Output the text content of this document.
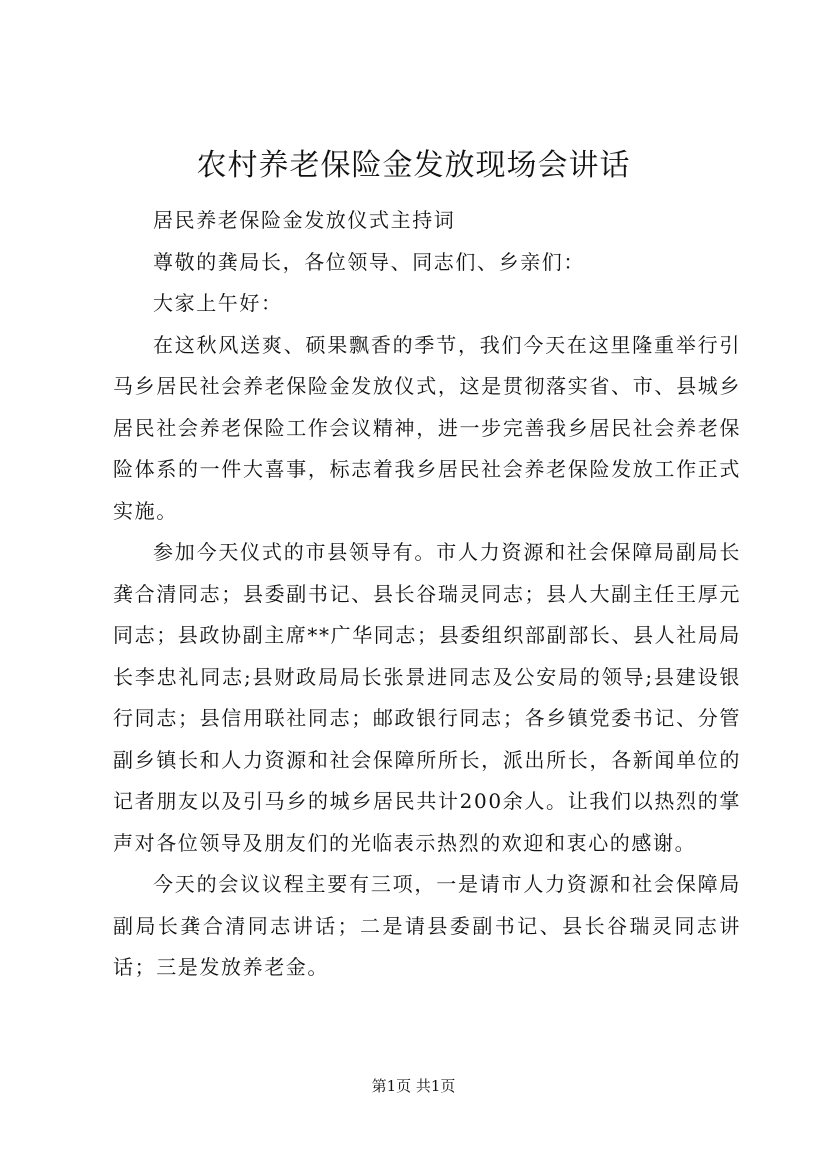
农村养老保险金发放现场会讲话

居民养老保险金发放仪式主持词

尊敬的龚局长，各位领导、同志们、乡亲们：

大家上午好：

在这秋风送爽、硕果飘香的季节，我们今天在这里隆重举行引马乡居民社会养老保险金发放仪式，这是贯彻落实省、市、县城乡居民社会养老保险工作会议精神，进一步完善我乡居民社会养老保险体系的一件大喜事，标志着我乡居民社会养老保险发放工作正式实施。

参加今天仪式的市县领导有。市人力资源和社会保障局副局长龚合清同志；县委副书记、县长谷瑞灵同志；县人大副主任王厚元同志；县政协副主席**广华同志；县委组织部副部长、县人社局局长李忠礼同志;县财政局局长张景进同志及公安局的领导;县建设银行同志；县信用联社同志；邮政银行同志；各乡镇党委书记、分管副乡镇长和人力资源和社会保障所所长，派出所长，各新闻单位的记者朋友以及引马乡的城乡居民共计200余人。让我们以热烈的掌声对各位领导及朋友们的光临表示热烈的欢迎和衷心的感谢。

今天的会议议程主要有三项，一是请市人力资源和社会保障局副局长龚合清同志讲话；二是请县委副书记、县长谷瑞灵同志讲话；三是发放养老金。

第1页 共1页
